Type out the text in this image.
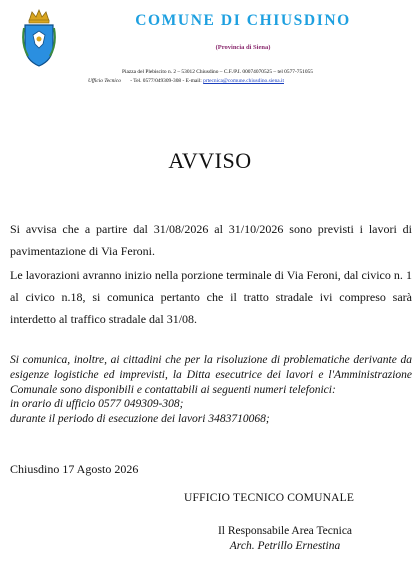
COMUNE DI CHIUSDINO
(Provincia di Siena)
Piazza del Plebiscito n. 2 – 53012 Chiusdino – C.F./P.I. 00074070525 – tel 0577-751055
Ufficio Tecnico - Tel. 0577/049309-308 - E-mail: prtecnica@comune.chiusdino.siena.it
AVVISO
Si avvisa che a partire dal 31/08/2026 al 31/10/2026 sono previsti i lavori di pavimentazione di Via Feroni.
Le lavorazioni avranno inizio nella porzione terminale di Via Feroni, dal civico n. 1 al civico n.18, si comunica pertanto che il tratto stradale ivi compreso sarà interdetto al traffico stradale dal 31/08.
Si comunica, inoltre, ai cittadini che per la risoluzione di problematiche derivante da esigenze logistiche ed imprevisti, la Ditta esecutrice dei lavori e l'Amministrazione Comunale sono disponibili e contattabili ai seguenti numeri telefonici:
in orario di ufficio 0577 049309-308;
durante il periodo di esecuzione dei lavori 3483710068;
Chiusdino 17 Agosto 2026
UFFICIO TECNICO COMUNALE
Il Responsabile Area Tecnica
Arch. Petrillo Ernestina
